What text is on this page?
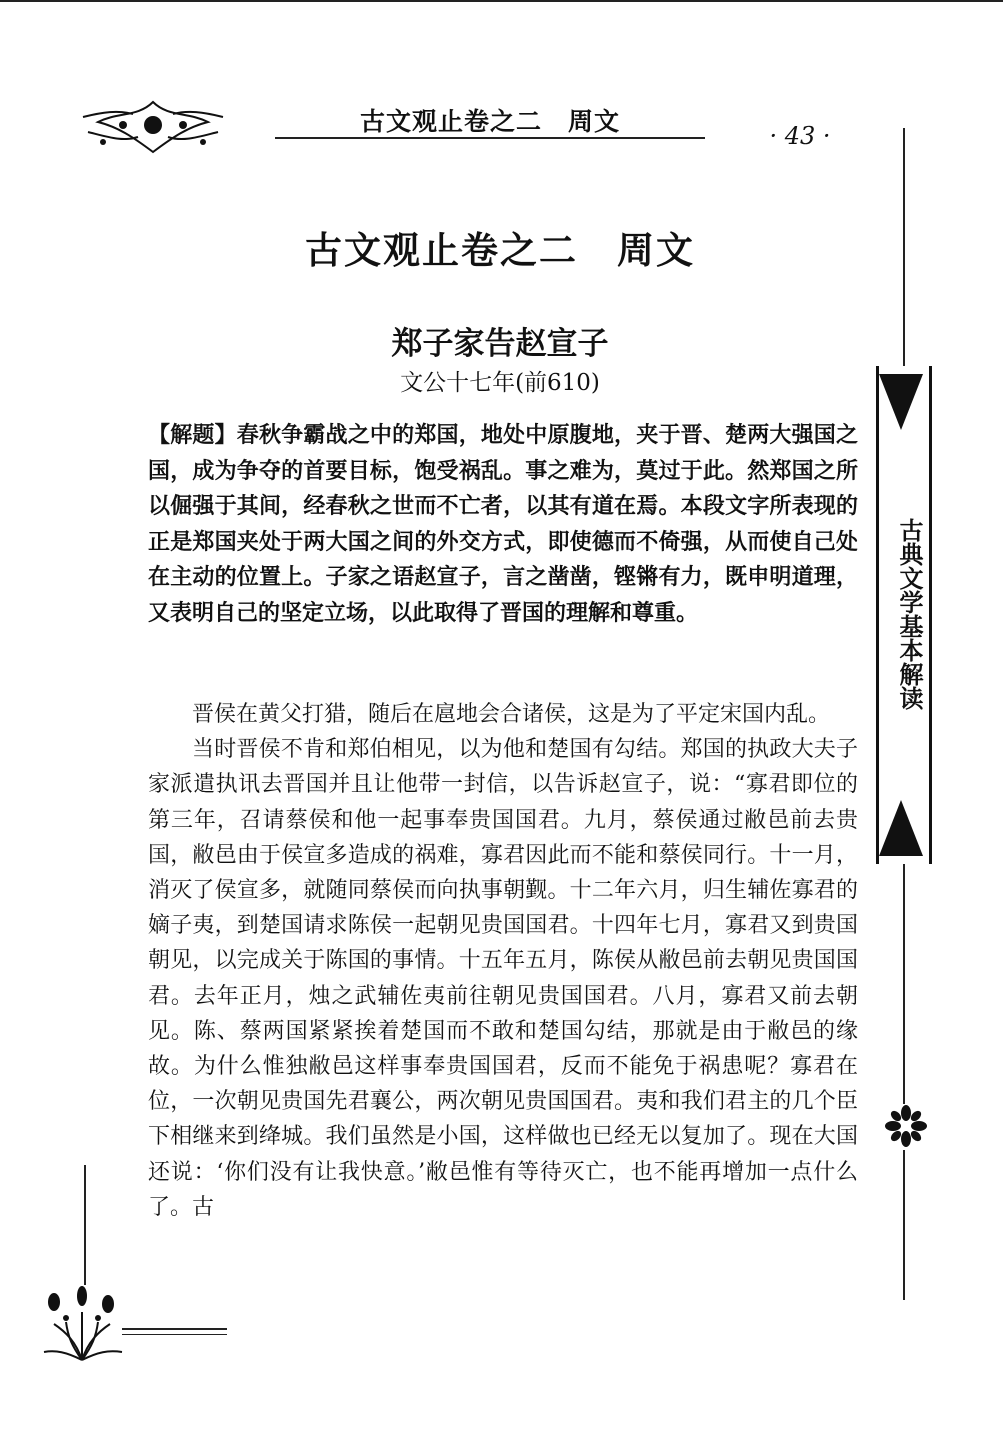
古文观止卷之二　周文	· 43 ·
古典文学基本解读
古文观止卷之二　周文
郑子家告赵宣子
文公十七年(前610)
【解题】春秋争霸战之中的郑国，地处中原腹地，夹于晋、楚两大强国之国，成为争夺的首要目标，饱受祸乱。事之难为，莫过于此。然郑国之所以倔强于其间，经春秋之世而不亡者，以其有道在焉。本段文字所表现的正是郑国夹处于两大国之间的外交方式，即使德而不倚强，从而使自己处在主动的位置上。子家之语赵宣子，言之凿凿，铿锵有力，既申明道理，又表明自己的坚定立场，以此取得了晋国的理解和尊重。

晋侯在黄父打猎，随后在扈地会合诸侯，这是为了平定宋国内乱。

当时晋侯不肯和郑伯相见，以为他和楚国有勾结。郑国的执政大夫子家派遣执讯去晋国并且让他带一封信，以告诉赵宣子，说：“寡君即位的第三年，召请蔡侯和他一起事奉贵国国君。九月，蔡侯通过敝邑前去贵国，敝邑由于侯宣多造成的祸难，寡君因此而不能和蔡侯同行。十一月，消灭了侯宣多，就随同蔡侯而向执事朝觐。十二年六月，归生辅佐寡君的嫡子夷，到楚国请求陈侯一起朝见贵国国君。十四年七月，寡君又到贵国朝见，以完成关于陈国的事情。十五年五月，陈侯从敝邑前去朝见贵国国君。去年正月，烛之武辅佐夷前往朝见贵国国君。八月，寡君又前去朝见。陈、蔡两国紧紧挨着楚国而不敢和楚国勾结，那就是由于敝邑的缘故。为什么惟独敝邑这样事奉贵国国君，反而不能免于祸患呢？寡君在位，一次朝见贵国先君襄公，两次朝见贵国国君。夷和我们君主的几个臣下相继来到绛城。我们虽然是小国，这样做也已经无以复加了。现在大国还说：‘你们没有让我快意。’敝邑惟有等待灭亡，也不能再增加一点什么了。古
